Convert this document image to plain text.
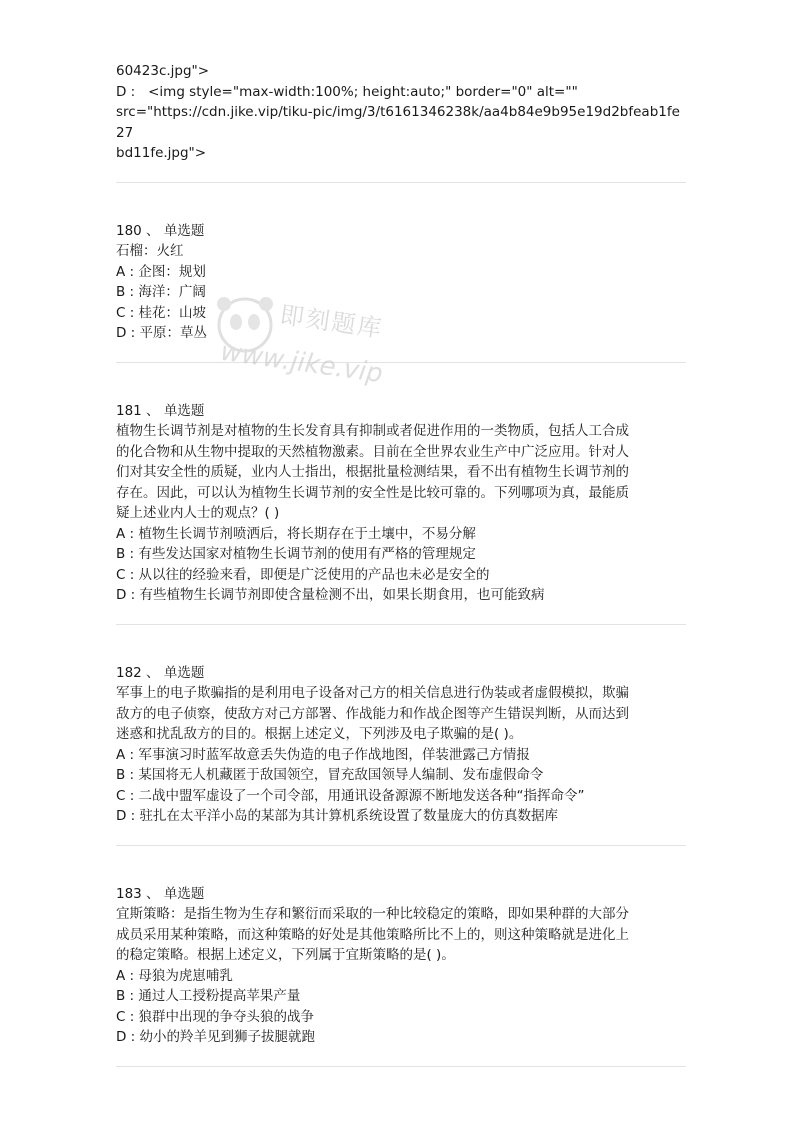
60423c.jpg">
D :   <img style="max-width:100%; height:auto;" border="0" alt=""
src="https://cdn.jike.vip/tiku-pic/img/3/t6161346238k/aa4b84e9b95e19d2bfeab1fe27
bd11fe.jpg">
180 、 单选题
石榴：火红
A : 企图：规划
B : 海洋：广阔
C : 桂花：山坡
D : 平原：草丛
181 、 单选题
植物生长调节剂是对植物的生长发育具有抑制或者促进作用的一类物质，包括人工合成
的化合物和从生物中提取的天然植物激素。目前在全世界农业生产中广泛应用。针对人
们对其安全性的质疑，业内人士指出，根据批量检测结果，看不出有植物生长调节剂的
存在。因此，可以认为植物生长调节剂的安全性是比较可靠的。下列哪项为真，最能质
疑上述业内人士的观点？( )
A : 植物生长调节剂喷洒后，将长期存在于土壤中，不易分解
B : 有些发达国家对植物生长调节剂的使用有严格的管理规定
C : 从以往的经验来看，即便是广泛使用的产品也未必是安全的
D : 有些植物生长调节剂即使含量检测不出，如果长期食用，也可能致病
182 、 单选题
军事上的电子欺骗指的是利用电子设备对己方的相关信息进行伪装或者虚假模拟，欺骗
敌方的电子侦察，使敌方对己方部署、作战能力和作战企图等产生错误判断，从而达到
迷惑和扰乱敌方的目的。根据上述定义，下列涉及电子欺骗的是( )。
A : 军事演习时蓝军故意丢失伪造的电子作战地图，佯装泄露己方情报
B : 某国将无人机藏匿于敌国领空，冒充敌国领导人编制、发布虚假命令
C : 二战中盟军虚设了一个司令部，用通讯设备源源不断地发送各种“指挥命令”
D : 驻扎在太平洋小岛的某部为其计算机系统设置了数量庞大的仿真数据库
183 、 单选题
宜斯策略：是指生物为生存和繁衍而采取的一种比较稳定的策略，即如果种群的大部分
成员采用某种策略，而这种策略的好处是其他策略所比不上的，则这种策略就是进化上
的稳定策略。根据上述定义，下列属于宜斯策略的是( )。
A : 母狼为虎崽哺乳
B : 通过人工授粉提高苹果产量
C : 狼群中出现的争夺头狼的战争
D : 幼小的羚羊见到狮子拔腿就跑
即刻题库
www.jike.vip
